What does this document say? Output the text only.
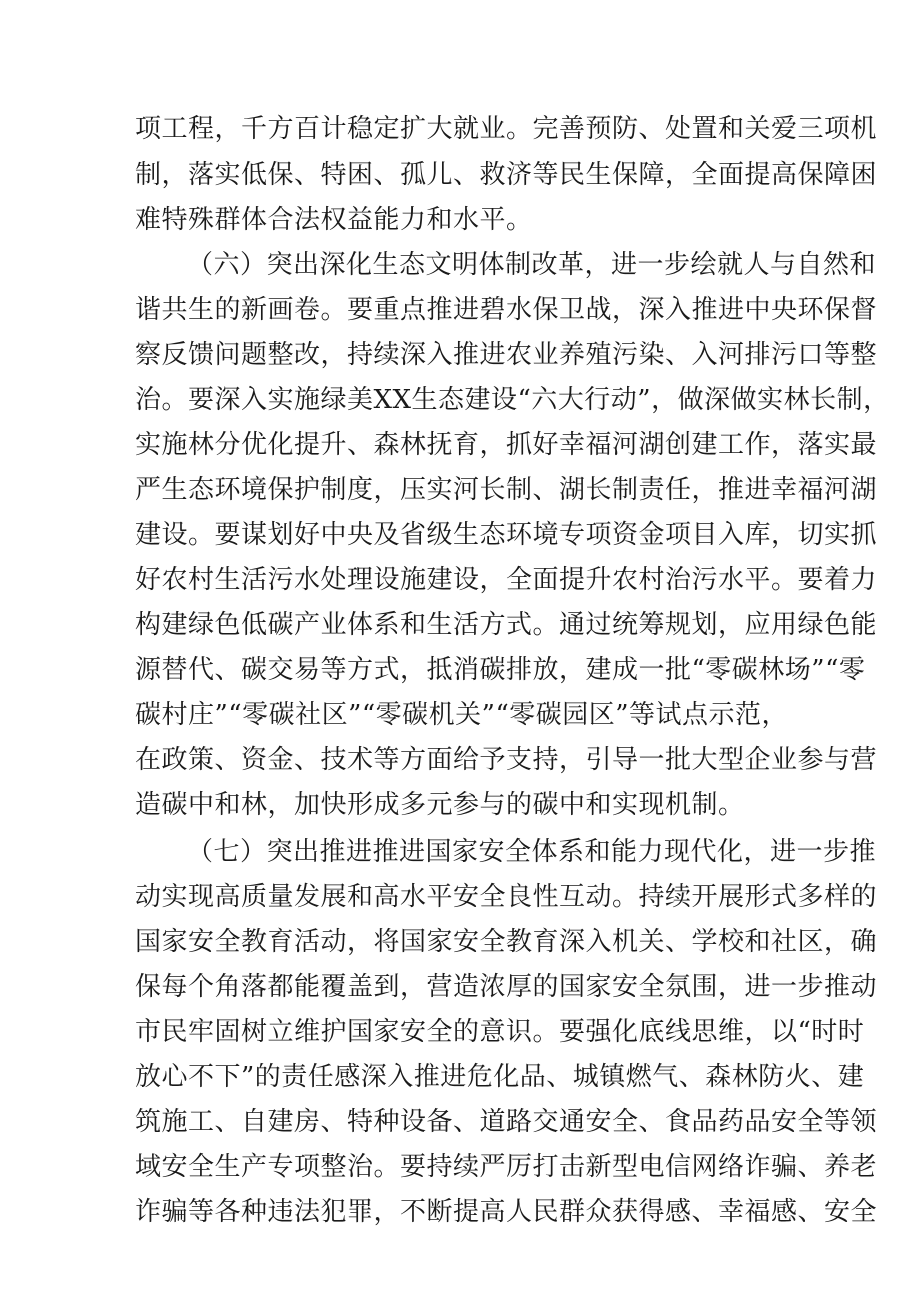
项工程，千方百计稳定扩大就业。完善预防、处置和关爱三项机
制，落实低保、特困、孤儿、救济等民生保障，全面提高保障困
难特殊群体合法权益能力和水平。
（六）突出深化生态文明体制改革，进一步绘就人与自然和
谐共生的新画卷。要重点推进碧水保卫战，深入推进中央环保督
察反馈问题整改，持续深入推进农业养殖污染、入河排污口等整
治。要深入实施绿美XX生态建设“六大行动”，做深做实林长制，
实施林分优化提升、森林抚育，抓好幸福河湖创建工作，落实最
严生态环境保护制度，压实河长制、湖长制责任，推进幸福河湖
建设。要谋划好中央及省级生态环境专项资金项目入库，切实抓
好农村生活污水处理设施建设，全面提升农村治污水平。要着力
构建绿色低碳产业体系和生活方式。通过统筹规划，应用绿色能
源替代、碳交易等方式，抵消碳排放，建成一批“零碳林场”“零
碳村庄”“零碳社区”“零碳机关”“零碳园区”等试点示范，
在政策、资金、技术等方面给予支持，引导一批大型企业参与营
造碳中和林，加快形成多元参与的碳中和实现机制。
（七）突出推进推进国家安全体系和能力现代化，进一步推
动实现高质量发展和高水平安全良性互动。持续开展形式多样的
国家安全教育活动，将国家安全教育深入机关、学校和社区，确
保每个角落都能覆盖到，营造浓厚的国家安全氛围，进一步推动
市民牢固树立维护国家安全的意识。要强化底线思维，以“时时
放心不下”的责任感深入推进危化品、城镇燃气、森林防火、建
筑施工、自建房、特种设备、道路交通安全、食品药品安全等领
域安全生产专项整治。要持续严厉打击新型电信网络诈骗、养老
诈骗等各种违法犯罪，不断提高人民群众获得感、幸福感、安全
